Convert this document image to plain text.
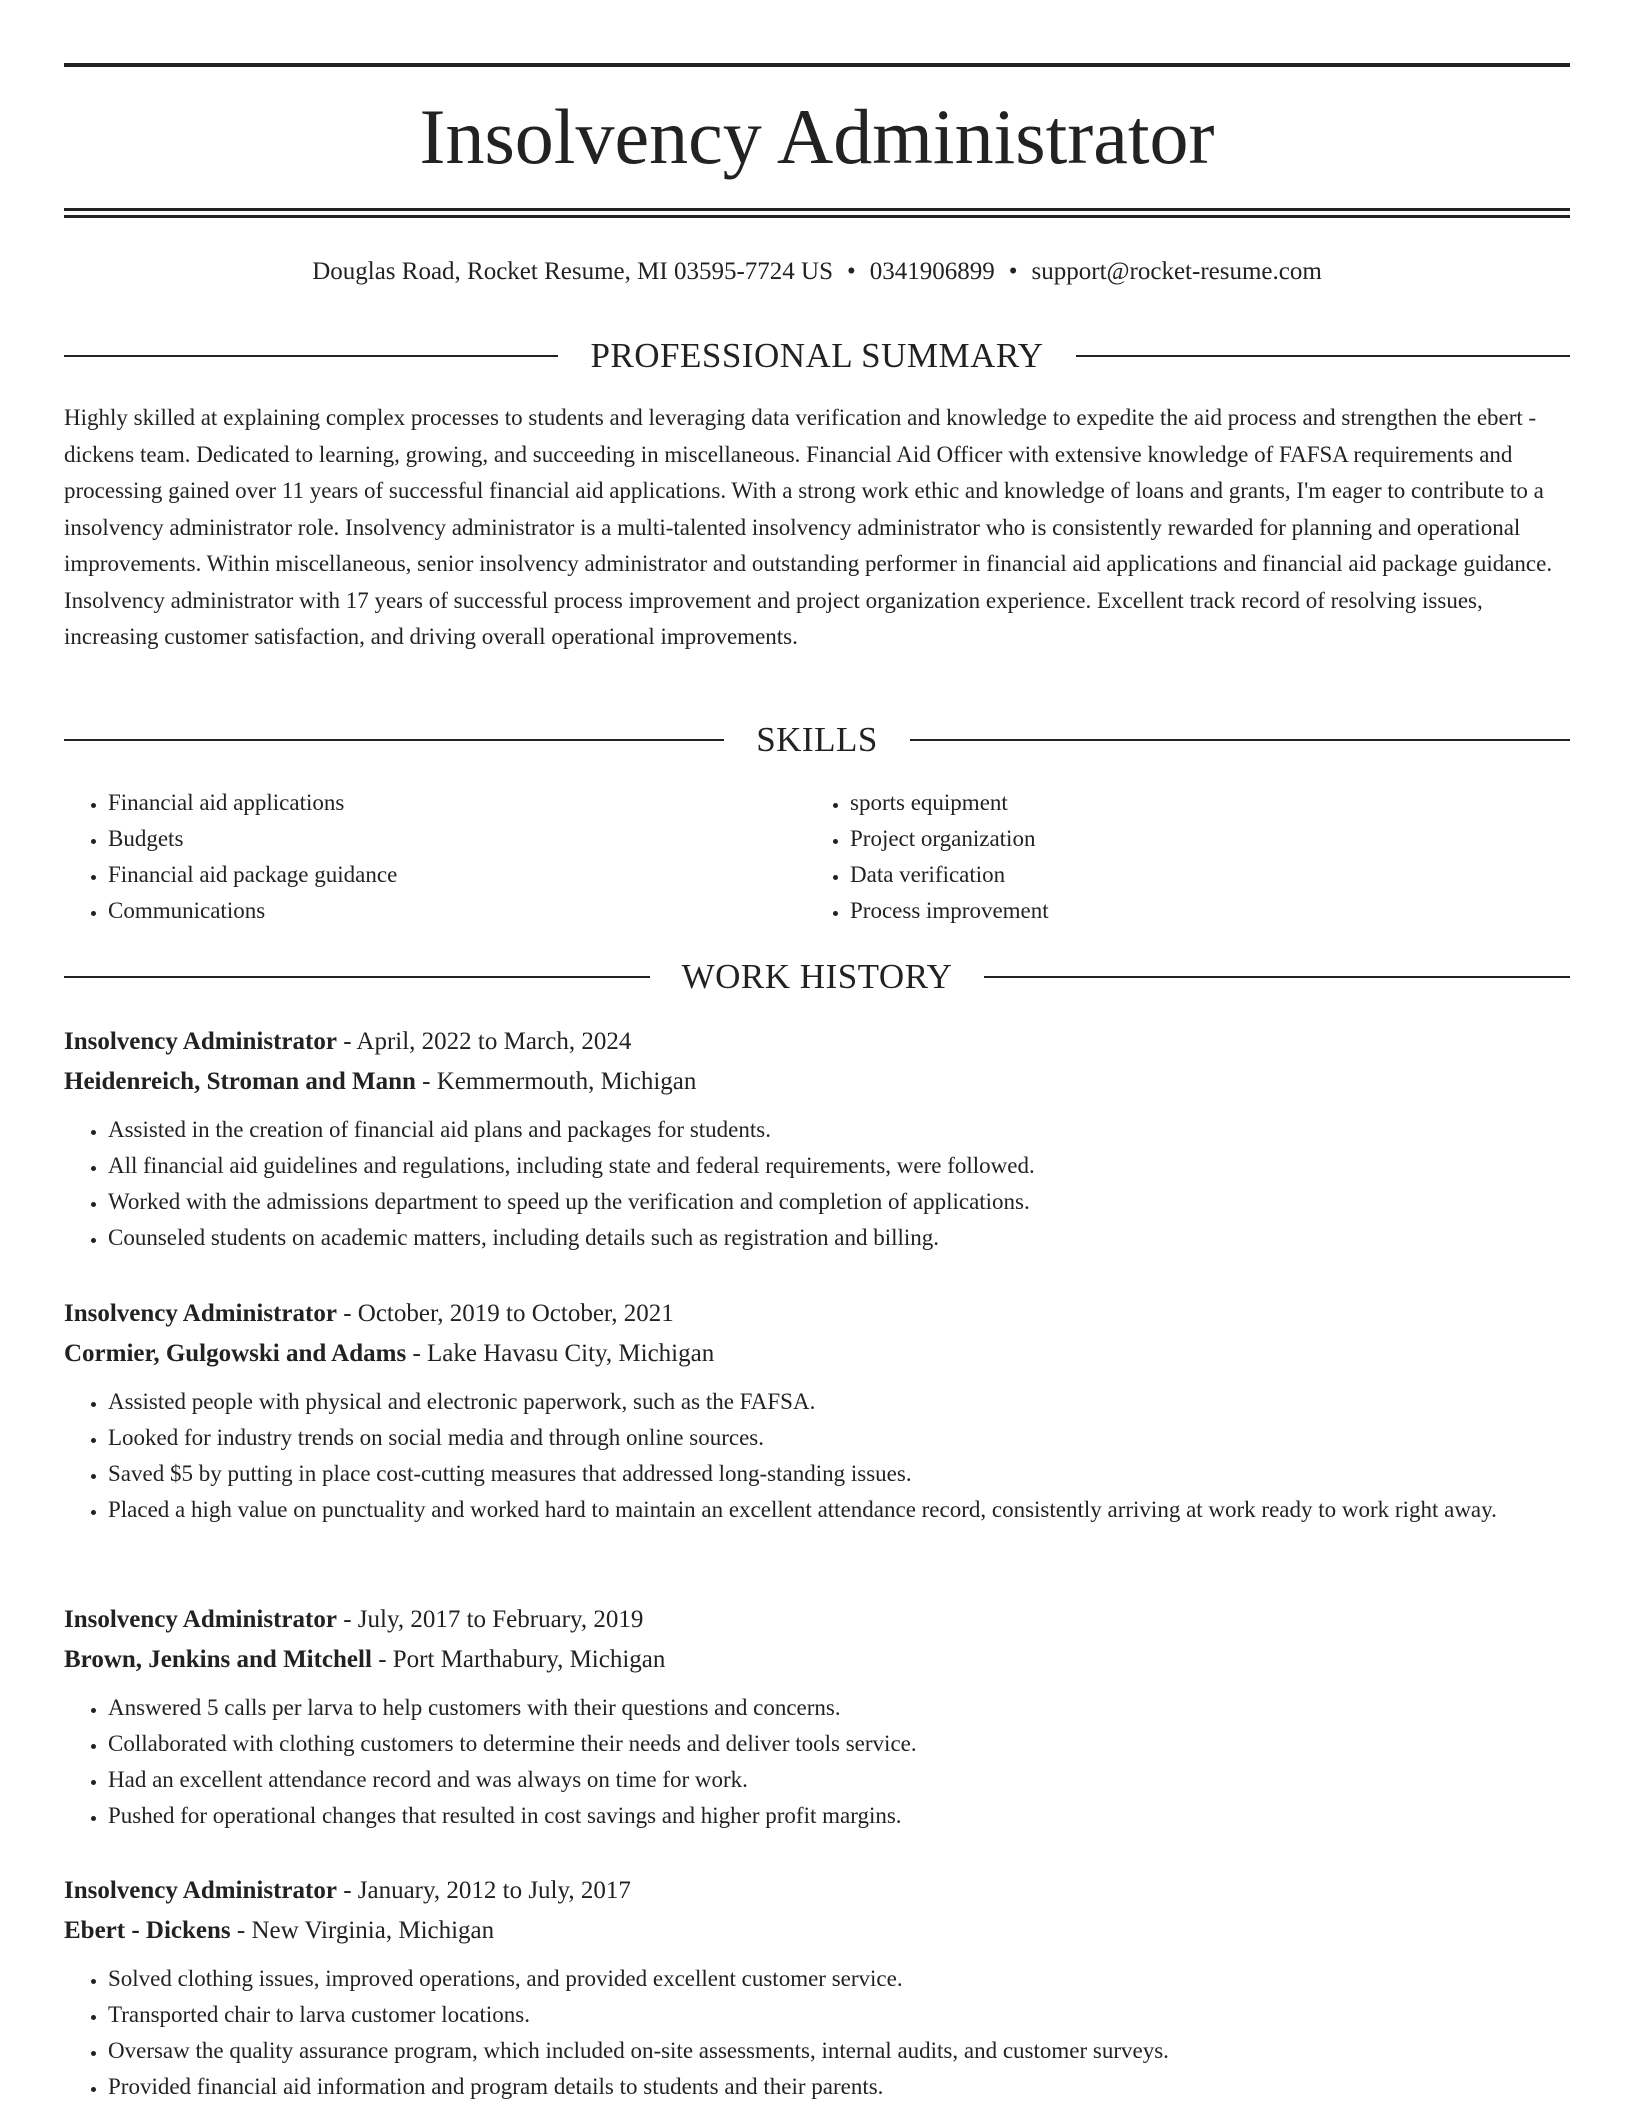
Insolvency Administrator
Douglas Road, Rocket Resume, MI 03595-7724 US • 0341906899 • support@rocket-resume.com
PROFESSIONAL SUMMARY

Highly skilled at explaining complex processes to students and leveraging data verification and knowledge to expedite the aid process and strengthen the ebert - dickens team. Dedicated to learning, growing, and succeeding in miscellaneous. Financial Aid Officer with extensive knowledge of FAFSA requirements and processing gained over 11 years of successful financial aid applications. With a strong work ethic and knowledge of loans and grants, I'm eager to contribute to a insolvency administrator role. Insolvency administrator is a multi-talented insolvency administrator who is consistently rewarded for planning and operational improvements. Within miscellaneous, senior insolvency administrator and outstanding performer in financial aid applications and financial aid package guidance. Insolvency administrator with 17 years of successful process improvement and project organization experience. Excellent track record of resolving issues, increasing customer satisfaction, and driving overall operational improvements.

SKILLS
• Financial aid applications
• Budgets
• Financial aid package guidance
• Communications
• sports equipment
• Project organization
• Data verification
• Process improvement
WORK HISTORY
Insolvency Administrator - April, 2022 to March, 2024
Heidenreich, Stroman and Mann - Kemmermouth, Michigan
• Assisted in the creation of financial aid plans and packages for students.
• All financial aid guidelines and regulations, including state and federal requirements, were followed.
• Worked with the admissions department to speed up the verification and completion of applications.
• Counseled students on academic matters, including details such as registration and billing.
Insolvency Administrator - October, 2019 to October, 2021
Cormier, Gulgowski and Adams - Lake Havasu City, Michigan
• Assisted people with physical and electronic paperwork, such as the FAFSA.
• Looked for industry trends on social media and through online sources.
• Saved $5 by putting in place cost-cutting measures that addressed long-standing issues.
• Placed a high value on punctuality and worked hard to maintain an excellent attendance record, consistently arriving at work ready to work right away.
Insolvency Administrator - July, 2017 to February, 2019
Brown, Jenkins and Mitchell - Port Marthabury, Michigan
• Answered 5 calls per larva to help customers with their questions and concerns.
• Collaborated with clothing customers to determine their needs and deliver tools service.
• Had an excellent attendance record and was always on time for work.
• Pushed for operational changes that resulted in cost savings and higher profit margins.
Insolvency Administrator - January, 2012 to July, 2017
Ebert - Dickens - New Virginia, Michigan
• Solved clothing issues, improved operations, and provided excellent customer service.
• Transported chair to larva customer locations.
• Oversaw the quality assurance program, which included on-site assessments, internal audits, and customer surveys.
• Provided financial aid information and program details to students and their parents.
